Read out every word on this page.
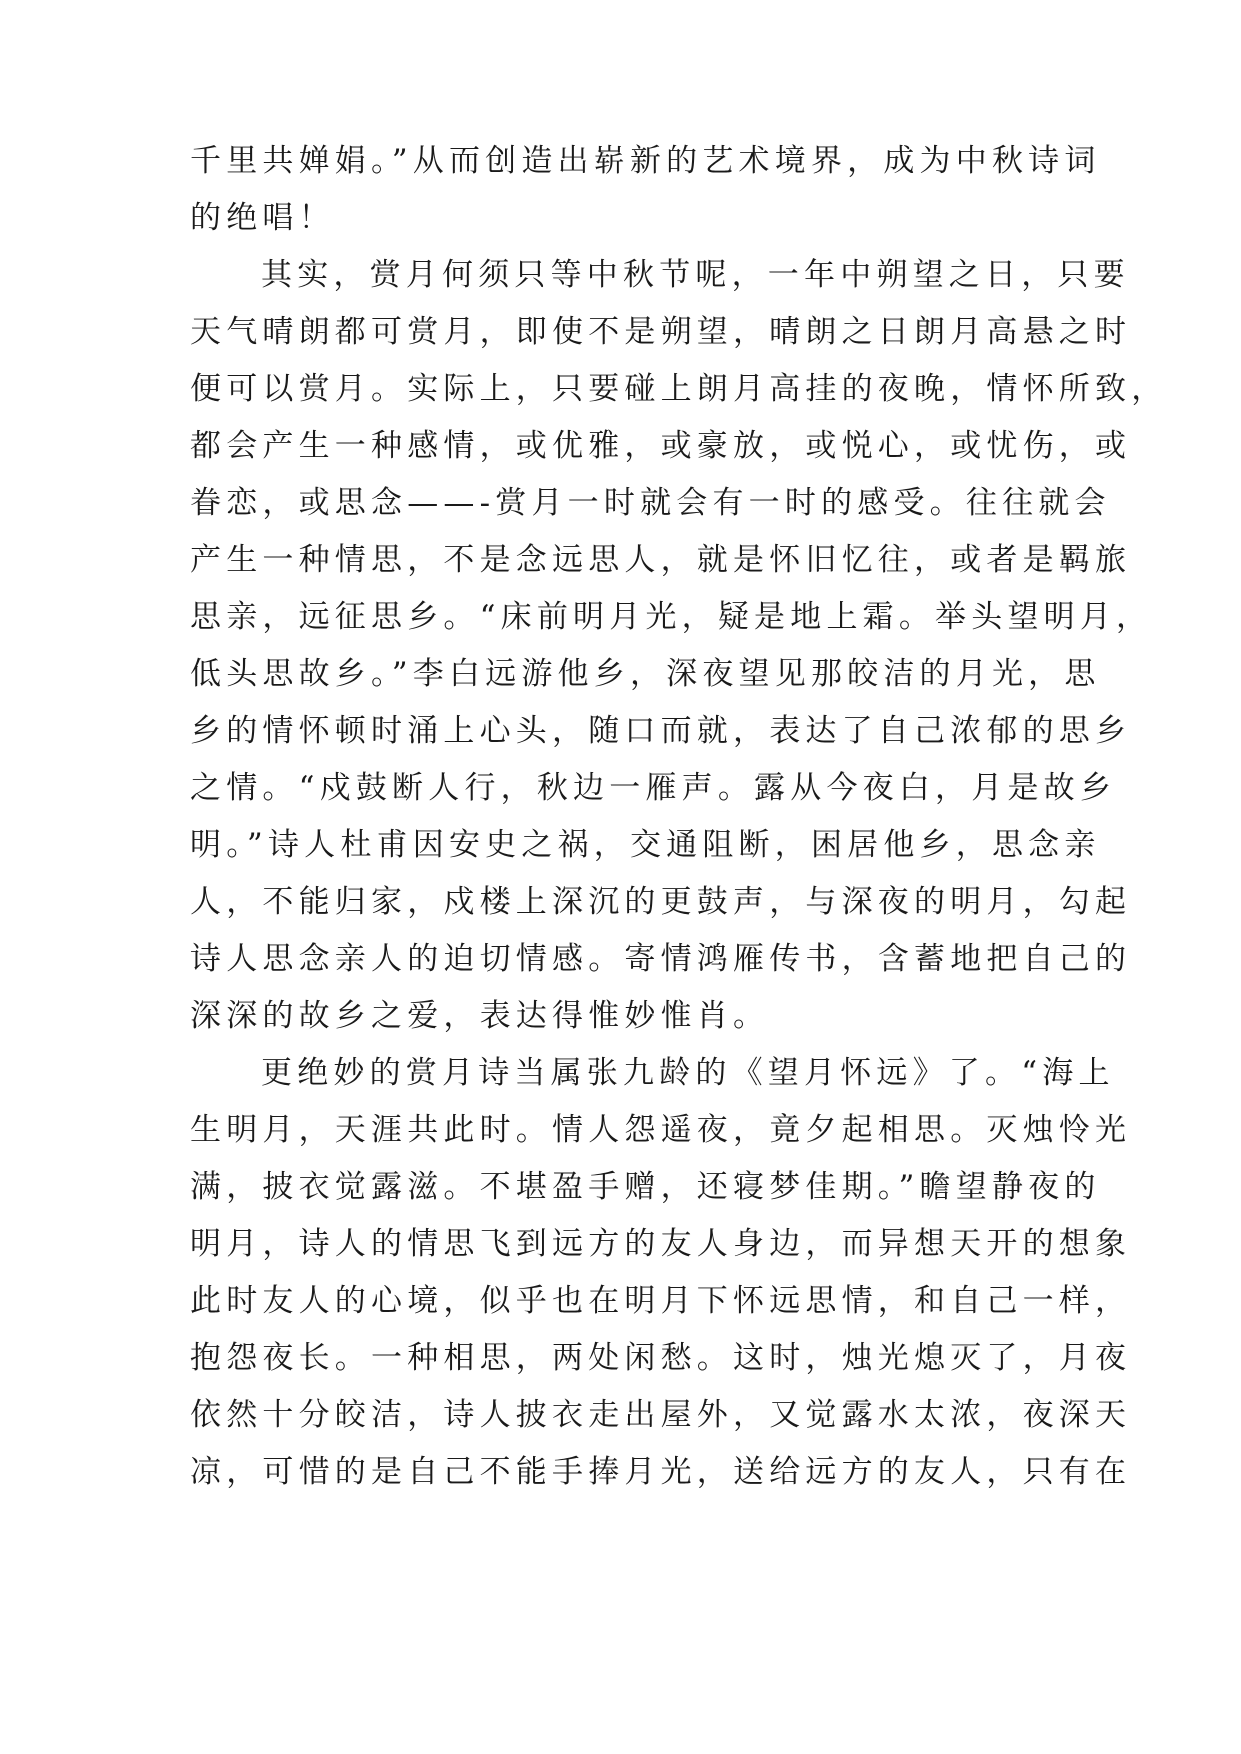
千里共婵娟。”从而创造出崭新的艺术境界，成为中秋诗词
的绝唱！
其实，赏月何须只等中秋节呢，一年中朔望之日，只要
天气晴朗都可赏月，即使不是朔望，晴朗之日朗月高悬之时
便可以赏月。实际上，只要碰上朗月高挂的夜晚，情怀所致，
都会产生一种感情，或优雅，或豪放，或悦心，或忧伤，或
眷恋，或思念——-赏月一时就会有一时的感受。往往就会
产生一种情思，不是念远思人，就是怀旧忆往，或者是羁旅
思亲，远征思乡。“床前明月光，疑是地上霜。举头望明月，
低头思故乡。”李白远游他乡，深夜望见那皎洁的月光，思
乡的情怀顿时涌上心头，随口而就，表达了自己浓郁的思乡
之情。“戍鼓断人行，秋边一雁声。露从今夜白，月是故乡
明。”诗人杜甫因安史之祸，交通阻断，困居他乡，思念亲
人，不能归家，戍楼上深沉的更鼓声，与深夜的明月，勾起
诗人思念亲人的迫切情感。寄情鸿雁传书，含蓄地把自己的
深深的故乡之爱，表达得惟妙惟肖。
更绝妙的赏月诗当属张九龄的《望月怀远》了。“海上
生明月，天涯共此时。情人怨遥夜，竟夕起相思。灭烛怜光
满，披衣觉露滋。不堪盈手赠，还寝梦佳期。”瞻望静夜的
明月，诗人的情思飞到远方的友人身边，而异想天开的想象
此时友人的心境，似乎也在明月下怀远思情，和自己一样，
抱怨夜长。一种相思，两处闲愁。这时，烛光熄灭了，月夜
依然十分皎洁，诗人披衣走出屋外，又觉露水太浓，夜深天
凉，可惜的是自己不能手捧月光，送给远方的友人，只有在
